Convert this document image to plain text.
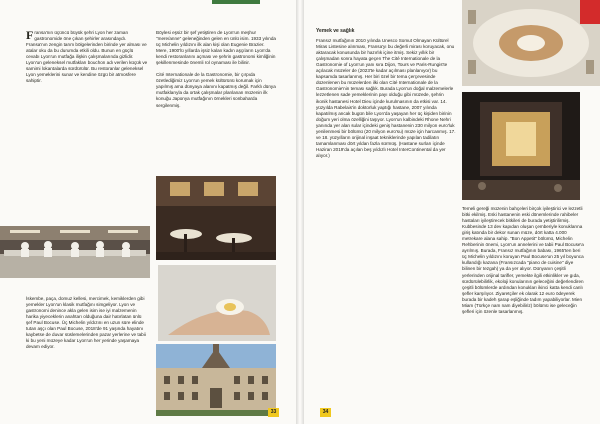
F ransa'nın üçüncü büyük şehri Lyon her zaman gastronomide öne çıkan şehirler arasındaydı. Fransa'nın zengin tarım bölgelerinden birinde yer alması ve atalar oku da bu durumda etkili oldu. Bunun en güçlü cevabı Lyon'un mutfağa ilişkin çalışmalarında gizlidir. Lyon'un geleneksel mutfakları bouchon adı verilen küçük ve samimi lokantalarda sürdürülür. Bu restoranlar geleneksel Lyon yemeklerini sunar ve kendine özgü bir atmosfere sahiptir.

Böylesi eşsiz bir şef yetiştiren de Lyon'un meşhur "mere/anne" geleneğinden gelen en ünlü isim. 1933 yılında üç Michelin yıldızını ilk alan kişi olan Eugenie Brazier. Mere, 1900'lü yıllarda işsiz kalan kadın aşçıların Lyon'da kendi restoranlarını açması ve şehrin gastronomi kimliğinin şekillenmesinde önemli rol oynaması ile bilinir.

Cité Internationale de la Gastronomie, bir çırpıda özetlediğimiz Lyon'un yemek kültürünü korumak için yapılmış ama dünyaya alanını kapatmış değil. Farklı dünya mutfaklarıyla da ortak çalışmalar planlanan müzenin ilk konuğu Japonya mutfağının örnekleri sonbaharda sergilenmiş.

İskembe, paça, domuz kellesi, mercimek, kemiklerden gibi yemekler Lyon'un klasik mutfağını simgeliyor. Lyon ve gastronomi denince akla gelen isim ise iyi malzemenin harika yiyeceklerin anahtarı olduğuna dair hatırlatan ünlü şef Paul Bocuse. Üç Michelin yıldızını en uzun süre elinde tutan aşçı olan Paul Bocuse, 2018'de 91 yaşında hayatını kaybetse de duvar süslemelerinden pazar yerlerine ve tabii ki bu yeni müzeye kadar Lyon'un her yerinde yaşamaya devam ediyor.
33
Yemek ve sağlık
Fransız mutfağının 2010 yılında Unesco Somut Olmayan Kültürel Miras Listesine alınması, Fransa'yı bu değerli mirası koruyacak, onu aktaracak konusunda bir hazırlık içine itmiş. Sekiz yıllık bir çalışmadan sonra hayata geçen The Cité Internationale de la Gastronomie of Lyon'un yanı sıra Dijon, Tours ve Paris-Rungis'te açılacak müzeler de (2023'te kadar açılması planlanıyor) bu kapsamda tasarlanmış. Her biri özel bir tema çerçevesinde düzenlenen bu müzelerden ilki olan Cité Internationale de la Gastronomie'nin teması sağlık. Burada Lyon'un doğal malzemelerle lezzetlenen sade yemeklerinin payı olduğu gibi müzede, şehrin ikonik hastanesi Hotel Dieu içinde kurulmasının da etkisi var. 14. yüzyılda Rabelais'in doktorluk yaptığı hastane, 2007 yılında kapatılmış ancak bugün bile Lyon'da yaşayan her üç kişiden birinin doğum yeri olma özelliğini taşıyor. Lyon'un kalbindeki Rhone Nehri yanında yer alan sular içindeki geniş hastanenin 230 milyon euro'luk yenilenmesi bir bölümü (20 milyon euro'su) müze için harcanmış. 17. ve 18. yüzyılların orijinal inşaat tekniklerinde yapılan tadilatın tamamlanması dört yıldan fazla sürmüş. (Hastane surları içinde Haziran 2019'da açılan beş yıldızlı Hotel InterContinental da yer alıyor.)
Temeli gereği müzenin bahçeleri birçok iyileştirici ve lezzetli bitki ekilmiş. Eski hastanenin eski dönemlerinde rahibeler hastaları iyileştirecek bitkileri de burada yetiştirilirmiş. Kubbesinde 13 dev kapıdan oluşan çemberiyle konuklarına giriş katında bir dekor sunan müze, dört katta 4.000 metrekare alana sahip. "Bon Appetit" bölümü, Michelin Rehberinin önemi, Lyon'un annelerini ve tabii Paul Bocuse'a ayrılmış. Burada, Fransız mutfağının babası, 1965'ten beri üç Michelin yıldızını koruyan Paul Bocuse'un 25 yıl boyunca kullandığı kazana (Fransızcada "piano de cuisine" diye bilinen bir tezgah) ya da yer alıyor. Dünyanın çeşitli yerlerinden orijinal tarifler, yemekte ilgili etkinlikler ve gıda, sürdürülebilirlik, ekoloji konularının geleceğini değerlendiren çeşitli bölümlerde ardından konukları ikinci katta kendi canlı şefler karşılıyor. Ziyaretçiler ek olarak 12 euro ödeyerek burada bir kadeh şarap eşliğinde tadım yapabiliyorlar. Mien Miam (Türkçe nam nam diyebiliriz) bölümü ise geleceğin şefleri için özenle tasarlanmış.
34
